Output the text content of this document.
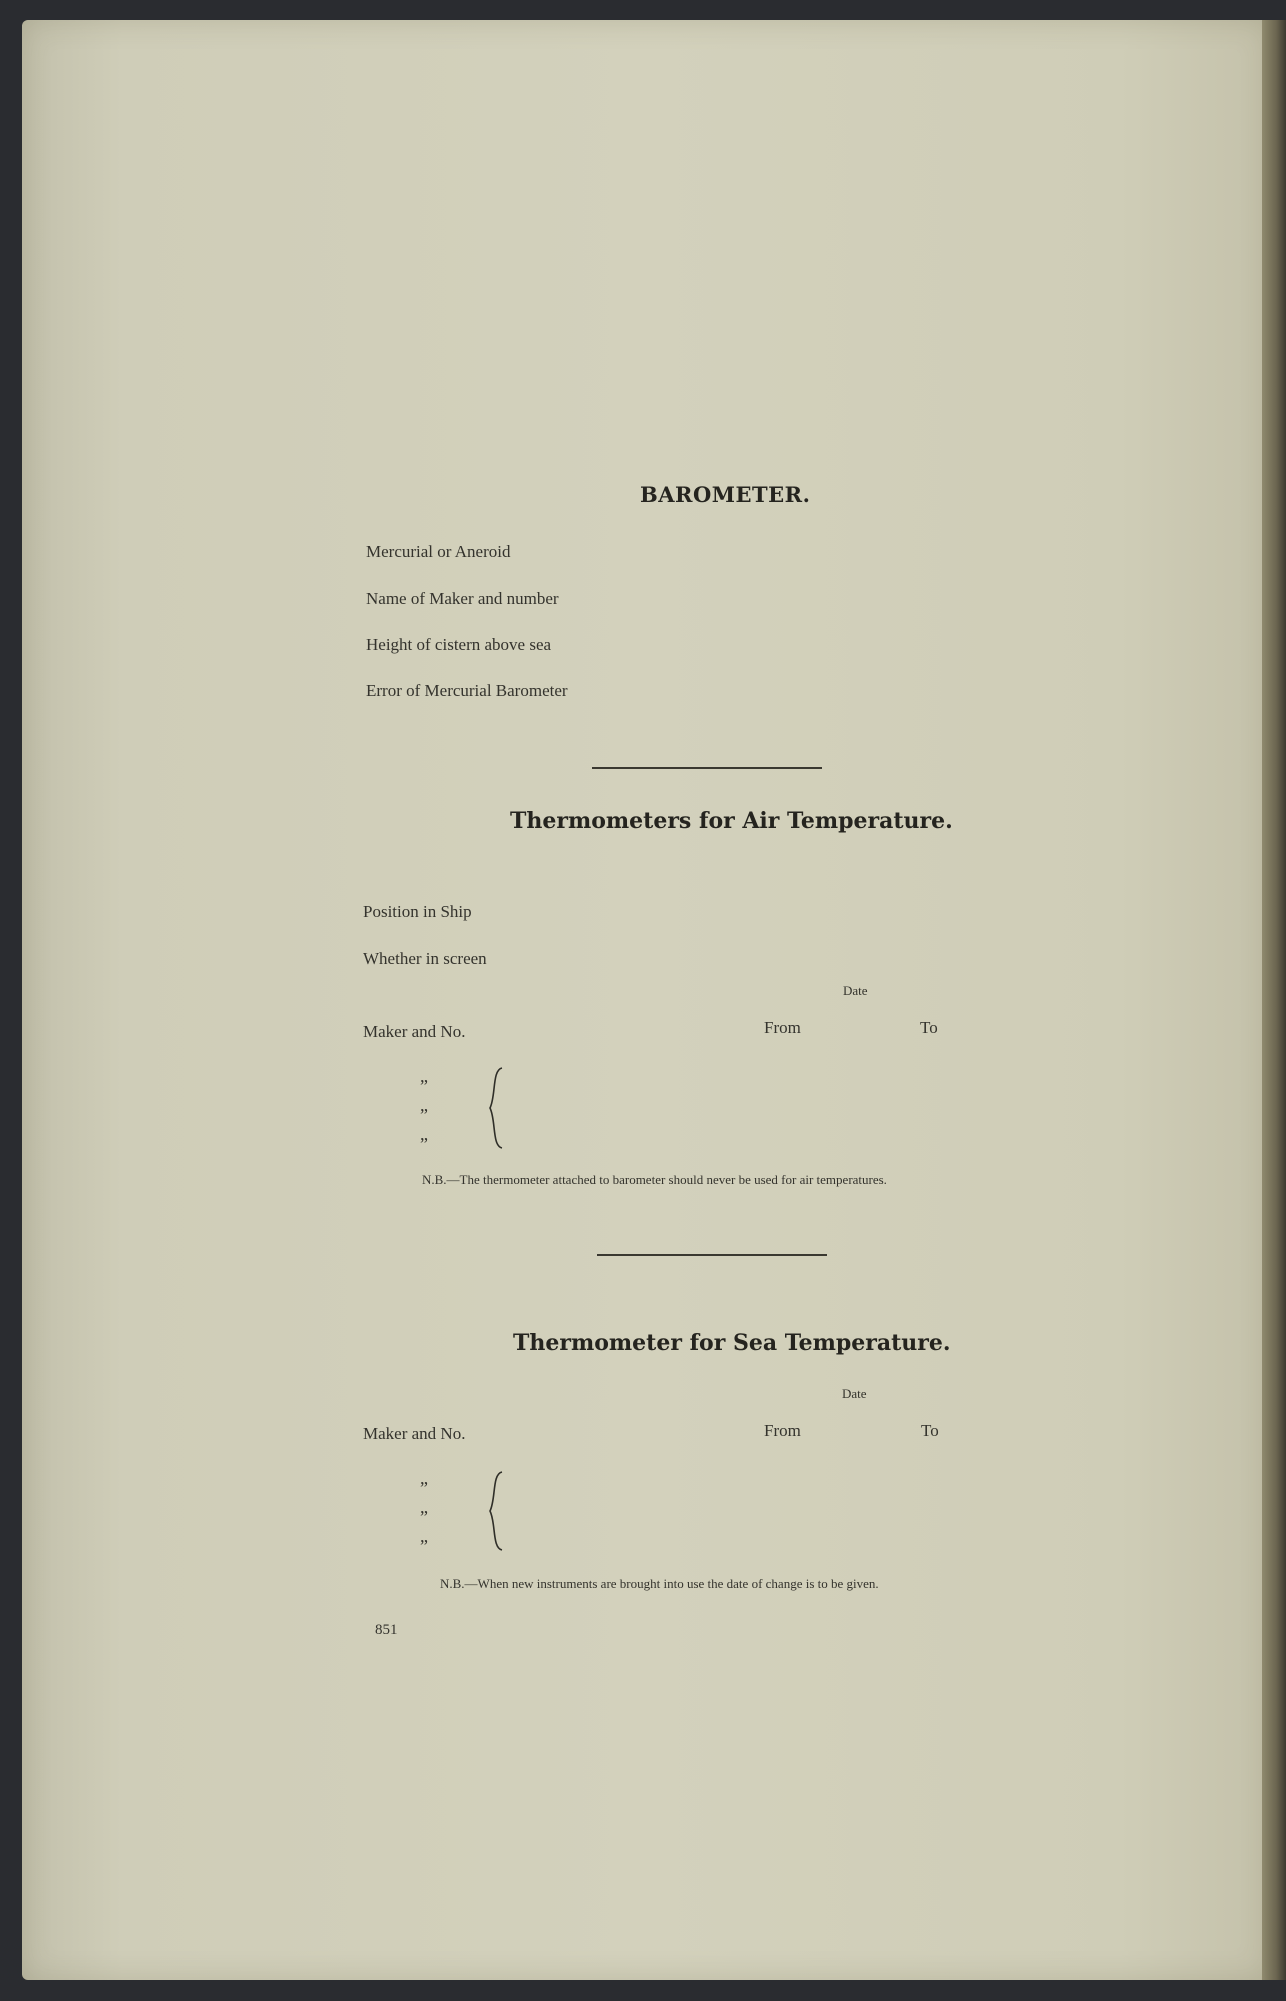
BAROMETER.
Mercurial or Aneroid
Name of Maker and number
Height of cistern above sea
Error of Mercurial Barometer
Thermometers for Air Temperature.
Position in Ship
Whether in screen
Date
Maker and No.	From	To
”
”
”
N.B.—The thermometer attached to barometer should never be used for air temperatures.
Thermometer for Sea Temperature.
Date
Maker and No.	From	To
”
”
”
N.B.—When new instruments are brought into use the date of change is to be given.
851
